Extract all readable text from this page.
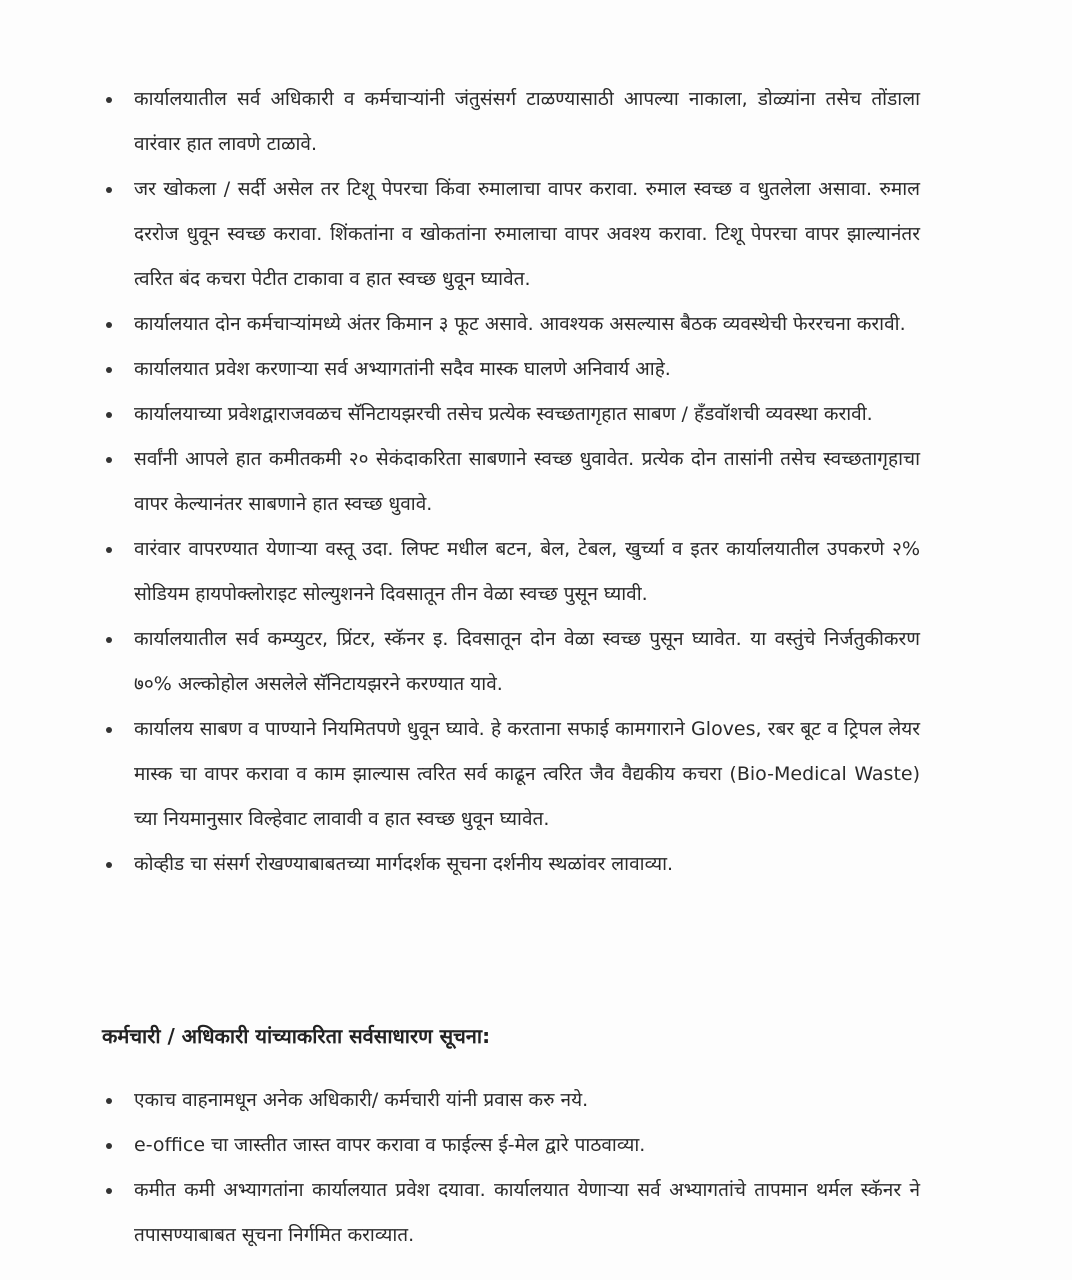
कार्यालयातील सर्व अधिकारी व कर्मचाऱ्यांनी जंतुसंसर्ग टाळण्यासाठी आपल्या नाकाला, डोळ्यांना तसेच तोंडाला वारंवार हात लावणे टाळावे.
जर खोकला / सर्दी असेल तर टिशू पेपरचा किंवा रुमालाचा वापर करावा. रुमाल स्वच्छ व धुतलेला असावा. रुमाल दररोज धुवून स्वच्छ करावा. शिंकतांना व खोकतांना रुमालाचा वापर अवश्य करावा. टिशू पेपरचा वापर झाल्यानंतर त्वरित बंद कचरा पेटीत टाकावा व हात स्वच्छ धुवून घ्यावेत.
कार्यालयात दोन कर्मचाऱ्यांमध्ये अंतर किमान ३ फूट असावे. आवश्यक असल्यास बैठक व्यवस्थेची फेररचना करावी.
कार्यालयात प्रवेश करणाऱ्या सर्व अभ्यागतांनी सदैव मास्क घालणे अनिवार्य आहे.
कार्यालयाच्या प्रवेशद्वाराजवळच सॅनिटायझरची तसेच प्रत्येक स्वच्छतागृहात साबण / हॅंडवॉशची व्यवस्था करावी.
सर्वांनी आपले हात कमीतकमी २० सेकंदाकरिता साबणाने स्वच्छ धुवावेत. प्रत्येक दोन तासांनी तसेच स्वच्छतागृहाचा वापर केल्यानंतर साबणाने हात स्वच्छ धुवावे.
वारंवार वापरण्यात येणाऱ्या वस्तू उदा. लिफ्ट मधील बटन, बेल, टेबल, खुर्च्या व इतर कार्यालयातील उपकरणे २% सोडियम हायपोक्लोराइट सोल्युशनने दिवसातून तीन वेळा स्वच्छ पुसून घ्यावी.
कार्यालयातील सर्व कम्प्युटर, प्रिंटर, स्कॅनर इ. दिवसातून दोन वेळा स्वच्छ पुसून घ्यावेत. या वस्तुंचे निर्जतुकीकरण ७०% अल्कोहोल असलेले सॅनिटायझरने करण्यात यावे.
कार्यालय साबण व पाण्याने नियमितपणे धुवून घ्यावे. हे करताना सफाई कामगाराने Gloves, रबर बूट व ट्रिपल लेयर मास्क चा वापर करावा व काम झाल्यास त्वरित सर्व काढून त्वरित जैव वैद्यकीय कचरा (Bio-Medical Waste) च्या नियमानुसार विल्हेवाट लावावी व हात स्वच्छ धुवून घ्यावेत.
कोव्हीड चा संसर्ग रोखण्याबाबतच्या मार्गदर्शक सूचना दर्शनीय स्थळांवर लावाव्या.
कर्मचारी / अधिकारी यांच्याकरिता सर्वसाधारण सूचना:
एकाच वाहनामधून अनेक अधिकारी/ कर्मचारी यांनी प्रवास करु नये.
e-office चा जास्तीत जास्त वापर करावा व फाईल्स ई-मेल द्वारे पाठवाव्या.
कमीत कमी अभ्यागतांना कार्यालयात प्रवेश दयावा. कार्यालयात येणाऱ्या सर्व अभ्यागतांचे तापमान थर्मल स्कॅनर ने तपासण्याबाबत सूचना निर्गमित कराव्यात.
